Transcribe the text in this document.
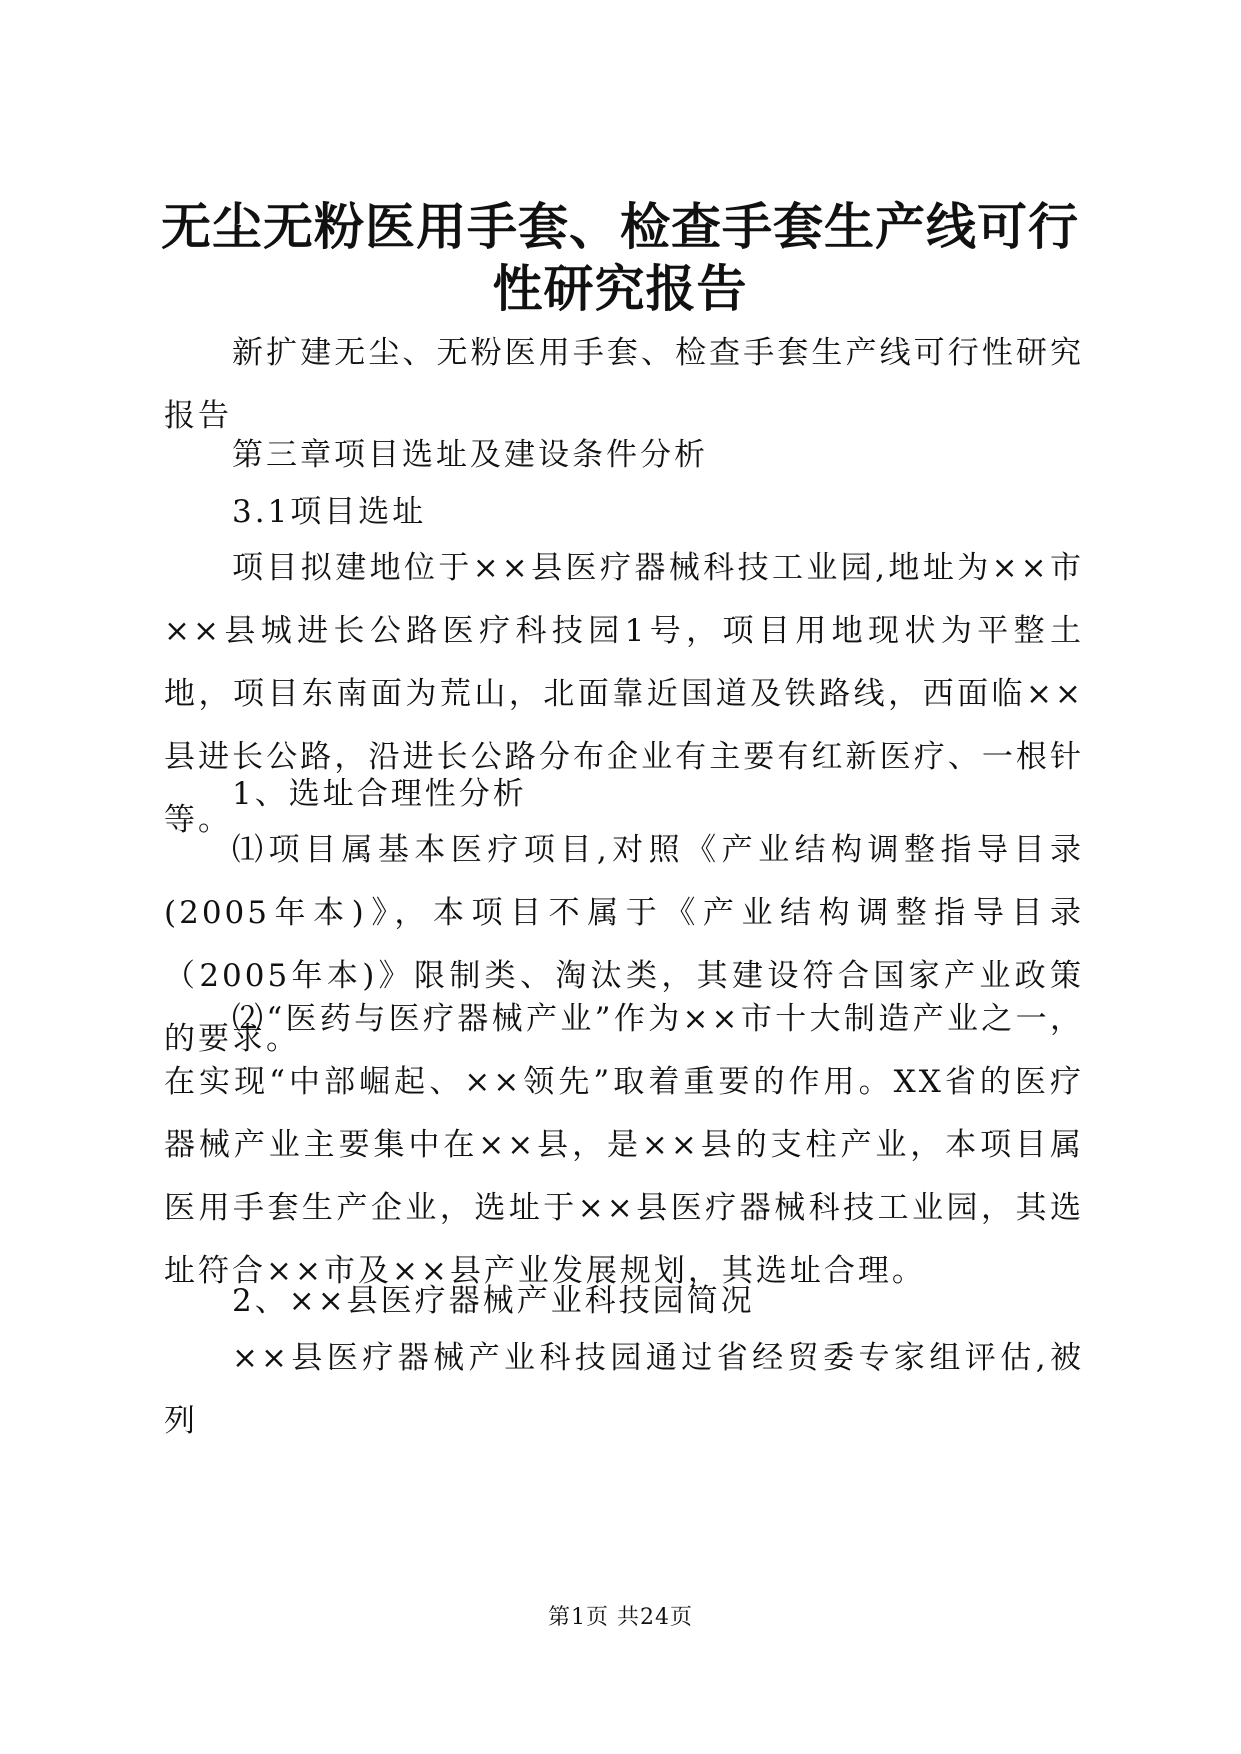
无尘无粉医用手套、检查手套生产线可行性研究报告

新扩建无尘、无粉医用手套、检查手套生产线可行性研究报告

第三章项目选址及建设条件分析

3.1项目选址

项目拟建地位于××县医疗器械科技工业园,地址为××市××县城进长公路医疗科技园1号，项目用地现状为平整土地，项目东南面为荒山，北面靠近国道及铁路线，西面临××县进长公路，沿进长公路分布企业有主要有红新医疗、一根针等。

1、选址合理性分析

⑴项目属基本医疗项目,对照《产业结构调整指导目录(2005年本)》，本项目不属于《产业结构调整指导目录（2005年本)》限制类、淘汰类，其建设符合国家产业政策的要求。

⑵“医药与医疗器械产业”作为××市十大制造产业之一，在实现“中部崛起、××领先”取着重要的作用。XX省的医疗器械产业主要集中在××县，是××县的支柱产业，本项目属医用手套生产企业，选址于××县医疗器械科技工业园，其选址符合××市及××县产业发展规划，其选址合理。

2、××县医疗器械产业科技园简况

××县医疗器械产业科技园通过省经贸委专家组评估,被列

第1页 共24页
